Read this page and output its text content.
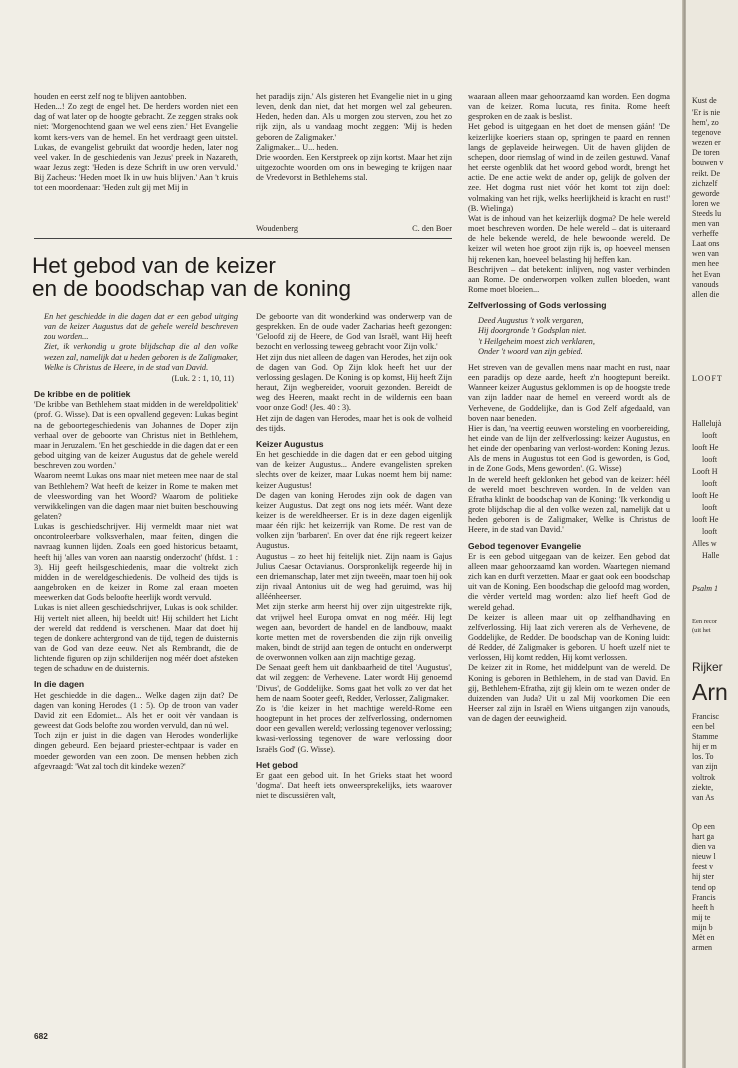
houden en eerst zelf nog te blijven aantobben.

Heden...! Zo zegt de engel het. De herders worden niet een dag of wat later op de hoogte gebracht. Ze zeggen straks ook niet: 'Morgenochtend gaan we wel eens zien.' Het Evangelie komt kers-vers van de hemel. En het verdraagt geen uitstel. Lukas, de evangelist gebruikt dat woordje heden, later nog veel vaker. In de geschiedenis van Jezus' preek in Nazareth, waar Jezus zegt: 'Heden is deze Schrift in uw oren vervuld.' Bij Zacheus: 'Heden moet Ik in uw huis blijven.' Aan 't kruis tot een moordenaar: 'Heden zult gij met Mij in

het paradijs zijn.' Als gisteren het Evangelie niet in u ging leven, denk dan niet, dat het morgen wel zal gebeuren. Heden, heden dan. Als u morgen zou sterven, zou het zo rijk zijn, als u vandaag mocht zeggen: 'Mij is heden geboren de Zaligmaker.'

Zaligmaker... U... heden.

Drie woorden. Een Kerstpreek op zijn kortst. Maar het zijn uitgezochte woorden om ons in beweging te krijgen naar de Vredevorst in Bethlehems stal.

Woudenberg	C. den Boer
Het gebod van de keizer
en de boodschap van de koning

En het geschiedde in die dagen dat er een gebod uitging van de keizer Augustus dat de gehele wereld beschreven zou worden...

Ziet, ik verkondig u grote blijdschap die al den volke wezen zal, namelijk dat u heden geboren is de Zaligmaker, Welke is Christus de Heere, in de stad van David.

(Luk. 2 : 1, 10, 11)

De kribbe en de politiek

'De kribbe van Bethlehem staat midden in de wereldpolitiek' (prof. G. Wisse). Dat is een opvallend gegeven: Lukas begint na de geboortegeschiedenis van Johannes de Doper zijn verhaal over de geboorte van Christus niet in Bethlehem, maar in Jeruzalem. 'En het geschiedde in die dagen dat er een gebod uitging van de keizer Augustus dat de gehele wereld beschreven zou worden.'

Waarom neemt Lukas ons maar niet meteen mee naar de stal van Bethlehem? Wat heeft de keizer in Rome te maken met de vleeswording van het Woord? Waarom de politieke verwikkelingen van die dagen maar niet buiten beschouwing gelaten?

Lukas is geschiedschrijver. Hij vermeldt maar niet wat oncontroleerbare volksverhalen, maar feiten, dingen die navraag kunnen lijden. Zoals een goed historicus betaamt, heeft hij 'alles van voren aan naarstig onderzocht' (hfdst. 1 : 3). Hij geeft heilsgeschiedenis, maar die voltrekt zich midden in de wereldgeschiedenis. De volheid des tijds is aangebroken en de keizer in Rome zal eraan moeten meewerken dat Gods beloofte heerlijk wordt vervuld.

Lukas is niet alleen geschiedschrijver, Lukas is ook schilder. Hij vertelt niet alleen, hij beeldt uit! Hij schildert het Licht der wereld dat reddend is verschenen. Maar dat doet hij tegen de donkere achtergrond van de tijd, tegen de duisternis van de God van deze eeuw. Net als Rembrandt, die de lichtende figuren op zijn schilderijen nog méér doet afsteken tegen de schaduw en de duisternis.

In die dagen

Het geschiedde in die dagen... Welke dagen zijn dat? De dagen van koning Herodes (1 : 5). Op de troon van vader David zit een Edomiet... Als het er ooit vèr vandaan is geweest dat Gods belofte zou worden vervuld, dan nú wel.

Toch zijn er juist in die dagen van Herodes wonderlijke dingen gebeurd. Een bejaard priester-echtpaar is vader en moeder geworden van een zoon. De mensen hebben zich afgevraagd: 'Wat zal toch dit kindeke wezen?'

De geboorte van dit wonderkind was onderwerp van de gesprekken. En de oude vader Zacharias heeft gezongen: 'Geloofd zij de Heere, de God van Israël, want Hij heeft bezocht en verlossing teweeg gebracht voor Zijn volk.'

Het zijn dus niet alleen de dagen van Herodes, het zijn ook de dagen van God. Op Zijn klok heeft het uur der verlossing geslagen. De Koning is op komst, Hij heeft Zijn heraut, Zijn wegbereider, vooruit gezonden. Bereidt de weg des Heeren, maakt recht in de wildernis een baan voor onze God! (Jes. 40 : 3).

Het zijn de dagen van Herodes, maar het is ook de volheid des tijds.

Keizer Augustus

En het geschiedde in die dagen dat er een gebod uitging van de keizer Augustus... Andere evangelisten spreken slechts over de keizer, maar Lukas noemt hem bij name: keizer Augustus!

De dagen van koning Herodes zijn ook de dagen van keizer Augustus. Dat zegt ons nog iets méér. Want deze keizer is de wereldheerser. Er is in deze dagen eigenlijk maar één rijk: het keizerrijk van Rome. De rest van de volken zijn 'barbaren'. En over dat éne rijk regeert keizer Augustus.

Augustus – zo heet hij feitelijk niet. Zijn naam is Gajus Julius Caesar Octavianus. Oorspronkelijk regeerde hij in een driemanschap, later met zijn tweeën, maar toen hij ook zijn rivaal Antonius uit de weg had geruimd, was hij alléénheerser.

Met zijn sterke arm heerst hij over zijn uitgestrekte rijk, dat vrijwel heel Europa omvat en nog méér. Hij legt wegen aan, bevordert de handel en de landbouw, maakt korte metten met de roversbenden die zijn rijk onveilig maken, bindt de strijd aan tegen de ontucht en onderwerpt de overwonnen volken aan zijn machtige gezag.

De Senaat geeft hem uit dankbaarheid de titel 'Augustus', dat wil zeggen: de Verhevene. Later wordt Hij genoemd 'Divus', de Goddelijke. Soms gaat het volk zo ver dat het hem de naam Sooter geeft, Redder, Verlosser, Zaligmaker.

Zo is 'die keizer in het machtige wereld-Rome een hoogtepunt in het proces der zelfverlossing, ondernomen door een gevallen wereld; verlossing tegenover verlossing; kwasi-verlossing tegenover de ware verlossing door Israëls God' (G. Wisse).

Het gebod

Er gaat een gebod uit. In het Grieks staat het woord 'dogma'. Dat heeft iets onweersprekelijks, iets waarover niet te discussiëren valt,

waaraan alleen maar gehoorzaamd kan worden. Een dogma van de keizer. Roma lucuta, res finita. Rome heeft gesproken en de zaak is beslist.

Het gebod is uitgegaan en het doet de mensen gáán! 'De keizerlijke koeriers staan op, springen te paard en rennen langs de geplaveide heirwegen. Uit de haven glijden de schepen, door riemslag of wind in de zeilen gestuwd. Vanaf het eerste ogenblik dat het woord gebod wordt, brengt het actie. De ene actie wekt de ander op, gelijk de golven der zee. Het dogma rust niet vóór het komt tot zijn doel: volmaking van het rijk, welks heerlijkheid is kracht en rust!' (B. Wielinga)

Wat is de inhoud van het keizerlijk dogma? De hele wereld moet beschreven worden. De hele wereld – dat is uiteraard de hele bekende wereld, de hele bewoonde wereld. De keizer wil weten hoe groot zijn rijk is, op hoeveel mensen hij rekenen kan, hoeveel belasting hij heffen kan.

Beschrijven – dat betekent: inlijven, nog vaster verbinden aan Rome. De onderworpen volken zullen bloeden, want Rome moet bloeien...

Zelfverlossing of Gods verlossing
Deed Augustus 't volk vergaren,
Hij doorgronde 't Godsplan niet.
't Heilgeheim moest zich verklaren,
Onder 't woord van zijn gebied.

Het streven van de gevallen mens naar macht en rust, naar een paradijs op deze aarde, heeft z'n hoogtepunt bereikt. Wanneer keizer Augustus geklommen is op de hoogste trede van zijn ladder naar de hemel en vereerd wordt als de Verhevene, de Goddelijke, dan is God Zelf afgedaald, van boven naar beneden.

Hier is dan, 'na veertig eeuwen worsteling en voorbereiding, het einde van de lijn der zelfverlossing: keizer Augustus, en het einde der openbaring van verlost-worden: Koning Jezus. Als de mens in Augustus tot een God is geworden, is God, in de Zone Gods, Mens geworden'. (G. Wisse)

In de wereld heeft geklonken het gebod van de keizer: héél de wereld moet beschreven worden. In de velden van Efratha klinkt de boodschap van de Koning: 'Ik verkondig u grote blijdschap die al den volke wezen zal, namelijk dat u heden geboren is de Zaligmaker, Welke is Christus de Heere, in de stad van David.'

Gebod tegenover Evangelie

Er is een gebod uitgegaan van de keizer. Een gebod dat alleen maar gehoorzaamd kan worden. Waartegen niemand zich kan en durft verzetten. Maar er gaat ook een boodschap uit van de Koning. Een boodschap die geloofd mag worden, die vèrder verteld mag worden: alzo lief heeft God de wereld gehad.

De keizer is alleen maar uit op zelfhandhaving en zelfverlossing. Hij laat zich vereren als de Verhevene, de Goddelijke, de Redder. De boodschap van de Koning luidt: dé Redder, dé Zaligmaker is geboren. U hoeft uzelf niet te verlossen, Hij komt redden, Hij komt verlossen.

De keizer zit in Rome, het middelpunt van de wereld. De Koning is geboren in Bethlehem, in de stad van David. En gij, Bethlehem-Efratha, zijt gij klein om te wezen onder de duizenden van Juda? Uit u zal Mij voorkomen Die een Heerser zal zijn in Israël en Wiens uitgangen zijn vanouds, van de dagen der eeuwigheid.

682
Kust de
'Er is nie
hem', zo
tegenove
wezen er
De toren
bouwen v
reikt. De
zichzelf
geworde
loren we
Steeds lu
men van
verheffe
Laat ons
wen van
men hee
het Evan
vanouds
allen die
LOOFT
Hallelujà
looft
looft He
looft
Looft H
looft
looft He
looft
looft He
looft
Alles w
Halle
Psalm 1
Een recor
(uit het
Rijker
Arn
Francisc
een bel
Stamme
hij er m
los. To
van zijn
voltrok
ziekte,
van As
Op een
hart ga
dien va
nieuw l
feest v
hij ster
tend op
Francis
heeft h
mij te
mijn b
Mèt en
armen
